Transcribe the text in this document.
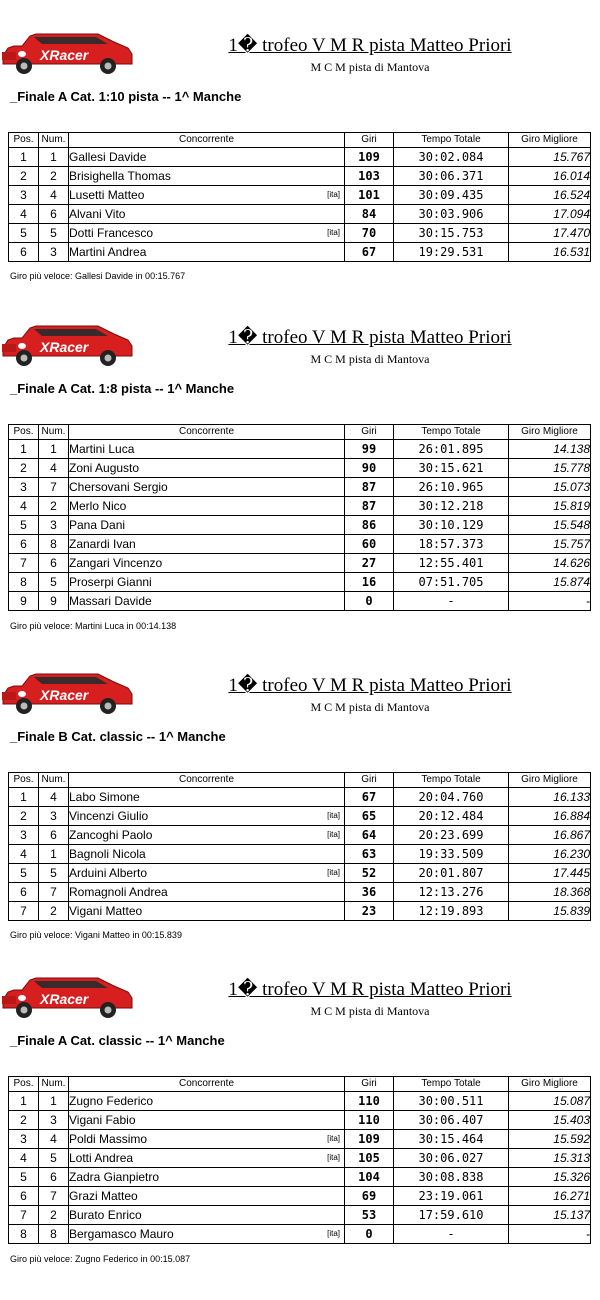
XRacer	1� trofeo V M R pista Matteo Priori
M C M pista di Mantova
_Finale A Cat. 1:10 pista -- 1^ Manche
Pos.	Num.	Concorrente	Giri	Tempo Totale	Giro Migliore
1	1	Gallesi Davide	109	30:02.084	15.767
2	2	Brisighella Thomas	103	30:06.371	16.014
3	4	Lusetti Matteo [ita]	101	30:09.435	16.524
4	6	Alvani Vito	84	30:03.906	17.094
5	5	Dotti Francesco [ita]	70	30:15.753	17.470
6	3	Martini Andrea	67	19:29.531	16.531
Giro più veloce: Gallesi Davide in 00:15.767
XRacer	1� trofeo V M R pista Matteo Priori
M C M pista di Mantova
_Finale A Cat. 1:8 pista -- 1^ Manche
Pos.	Num.	Concorrente	Giri	Tempo Totale	Giro Migliore
1	1	Martini Luca	99	26:01.895	14.138
2	4	Zoni Augusto	90	30:15.621	15.778
3	7	Chersovani Sergio	87	26:10.965	15.073
4	2	Merlo Nico	87	30:12.218	15.819
5	3	Pana Dani	86	30:10.129	15.548
6	8	Zanardi Ivan	60	18:57.373	15.757
7	6	Zangari Vincenzo	27	12:55.401	14.626
8	5	Proserpi Gianni	16	07:51.705	15.874
9	9	Massari Davide	0	-	-
Giro più veloce: Martini Luca in 00:14.138
XRacer	1� trofeo V M R pista Matteo Priori
M C M pista di Mantova
_Finale B Cat. classic -- 1^ Manche
Pos.	Num.	Concorrente	Giri	Tempo Totale	Giro Migliore
1	4	Labo Simone	67	20:04.760	16.133
2	3	Vincenzi Giulio [ita]	65	20:12.484	16.884
3	6	Zancoghi Paolo [ita]	64	20:23.699	16.867
4	1	Bagnoli Nicola	63	19:33.509	16.230
5	5	Arduini Alberto [ita]	52	20:01.807	17.445
6	7	Romagnoli Andrea	36	12:13.276	18.368
7	2	Vigani Matteo	23	12:19.893	15.839
Giro più veloce: Vigani Matteo in 00:15.839
XRacer	1� trofeo V M R pista Matteo Priori
M C M pista di Mantova
_Finale A Cat. classic -- 1^ Manche
Pos.	Num.	Concorrente	Giri	Tempo Totale	Giro Migliore
1	1	Zugno Federico	110	30:00.511	15.087
2	3	Vigani Fabio	110	30:06.407	15.403
3	4	Poldi Massimo [ita]	109	30:15.464	15.592
4	5	Lotti Andrea [ita]	105	30:06.027	15.313
5	6	Zadra Gianpietro	104	30:08.838	15.326
6	7	Grazi Matteo	69	23:19.061	16.271
7	2	Burato Enrico	53	17:59.610	15.137
8	8	Bergamasco Mauro [ita]	0	-	-
Giro più veloce: Zugno Federico in 00:15.087
